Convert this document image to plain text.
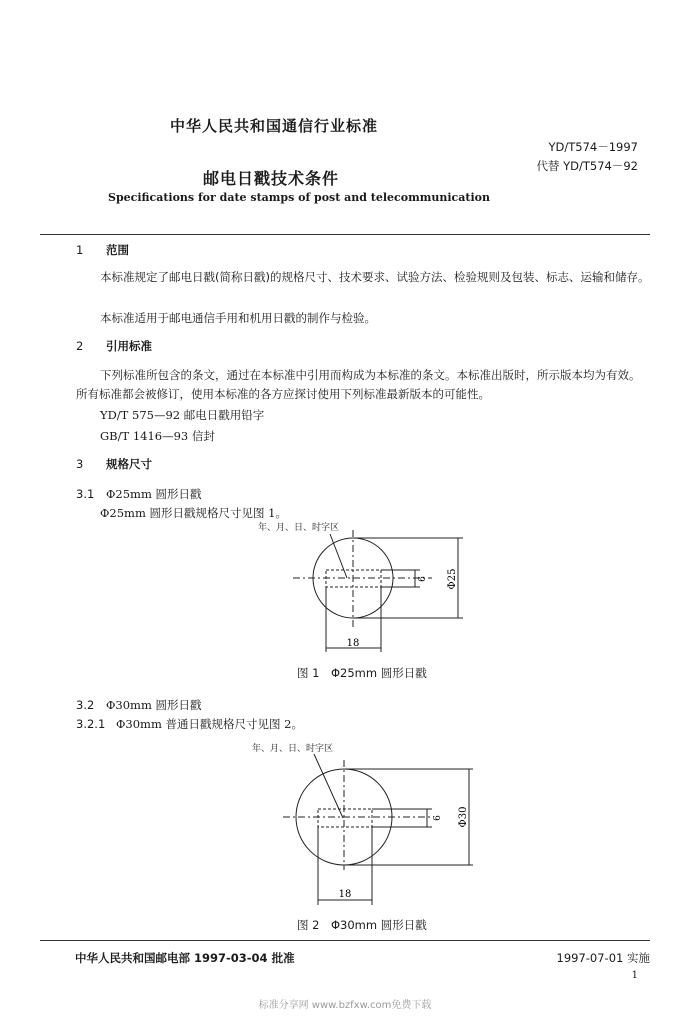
中华人民共和国通信行业标准
YD/T574－1997
代替 YD/T574－92
邮电日戳技术条件
Specifications for date stamps of post and telecommunication
1 范围
本标准规定了邮电日戳(简称日戳)的规格尺寸、技术要求、试验方法、检验规则及包装、标志、运输和储存。
本标准适用于邮电通信手用和机用日戳的制作与检验。
2 引用标准
下列标准所包含的条文，通过在本标准中引用而构成为本标准的条文。本标准出版时，所示版本均为有效。所有标准都会被修订，使用本标准的各方应探讨使用下列标准最新版本的可能性。
YD/T 575—92 邮电日戳用铅字
GB/T 1416—93 信封
3 规格尺寸
3.1 Φ25mm 圆形日戳
Φ25mm 圆形日戳规格尺寸见图 1。
年、月、日、时字区
6 Φ25
18
图 1　Φ25mm 圆形日戳
3.2 Φ30mm 圆形日戳
3.2.1 Φ30mm 普通日戳规格尺寸见图 2。
年、月、日、时字区
6 Φ30
18
图 2　Φ30mm 圆形日戳
中华人民共和国邮电部 1997-03-04 批准	1997-07-01 实施
1
标准分享网 www.bzfxw.com免费下载
